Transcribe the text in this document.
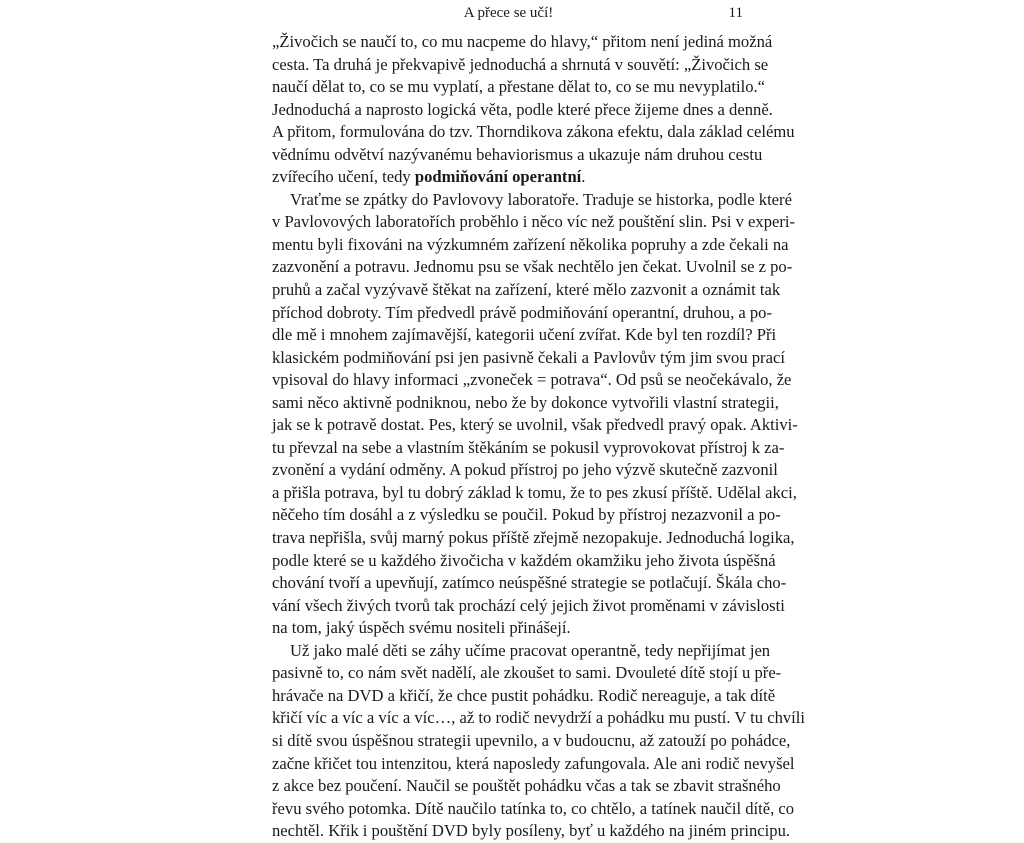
A přece se učí!	11
„Živočich se naučí to, co mu nacpeme do hlavy,“ přitom není jediná možná
cesta. Ta druhá je překvapivě jednoduchá a shrnutá v souvětí: „Živočich se
naučí dělat to, co se mu vyplatí, a přestane dělat to, co se mu nevyplatilo.“
Jednoduchá a naprosto logická věta, podle které přece žijeme dnes a denně.
A přitom, formulována do tzv. Thorndikova zákona efektu, dala základ celému
vědnímu odvětví nazývanému behaviorismus a ukazuje nám druhou cestu
zvířecího učení, tedy podmiňování operantní.
Vraťme se zpátky do Pavlovovy laboratoře. Traduje se historka, podle které
v Pavlovových laboratořích proběhlo i něco víc než pouštění slin. Psi v experi-
mentu byli fixováni na výzkumném zařízení několika popruhy a zde čekali na
zazvonění a potravu. Jednomu psu se však nechtělo jen čekat. Uvolnil se z po-
pruhů a začal vyzývavě štěkat na zařízení, které mělo zazvonit a oznámit tak
příchod dobroty. Tím předvedl právě podmiňování operantní, druhou, a po-
dle mě i mnohem zajímavější, kategorii učení zvířat. Kde byl ten rozdíl? Při
klasickém podmiňování psi jen pasivně čekali a Pavlovův tým jim svou prací
vpisoval do hlavy informaci „zvoneček = potrava“. Od psů se neočekávalo, že
sami něco aktivně podniknou, nebo že by dokonce vytvořili vlastní strategii,
jak se k potravě dostat. Pes, který se uvolnil, však předvedl pravý opak. Aktivi-
tu převzal na sebe a vlastním štěkáním se pokusil vyprovokovat přístroj k za-
zvonění a vydání odměny. A pokud přístroj po jeho výzvě skutečně zazvonil
a přišla potrava, byl tu dobrý základ k tomu, že to pes zkusí příště. Udělal akci,
něčeho tím dosáhl a z výsledku se poučil. Pokud by přístroj nezazvonil a po-
trava nepřišla, svůj marný pokus příště zřejmě nezopakuje. Jednoduchá logika,
podle které se u každého živočicha v každém okamžiku jeho života úspěšná
chování tvoří a upevňují, zatímco neúspěšné strategie se potlačují. Škála cho-
vání všech živých tvorů tak prochází celý jejich život proměnami v závislosti
na tom, jaký úspěch svému nositeli přinášejí.
Už jako malé děti se záhy učíme pracovat operantně, tedy nepřijímat jen
pasivně to, co nám svět nadělí, ale zkoušet to sami. Dvouleté dítě stojí u pře-
hrávače na DVD a křičí, že chce pustit pohádku. Rodič nereaguje, a tak dítě
křičí víc a víc a víc a víc…, až to rodič nevydrží a pohádku mu pustí. V tu chvíli
si dítě svou úspěšnou strategii upevnilo, a v budoucnu, až zatouží po pohádce,
začne křičet tou intenzitou, která naposledy zafungovala. Ale ani rodič nevyšel
z akce bez poučení. Naučil se pouštět pohádku včas a tak se zbavit strašného
řevu svého potomka. Dítě naučilo tatínka to, co chtělo, a tatínek naučil dítě, co
nechtěl. Křik i pouštění DVD byly posíleny, byť u každého na jiném principu.
